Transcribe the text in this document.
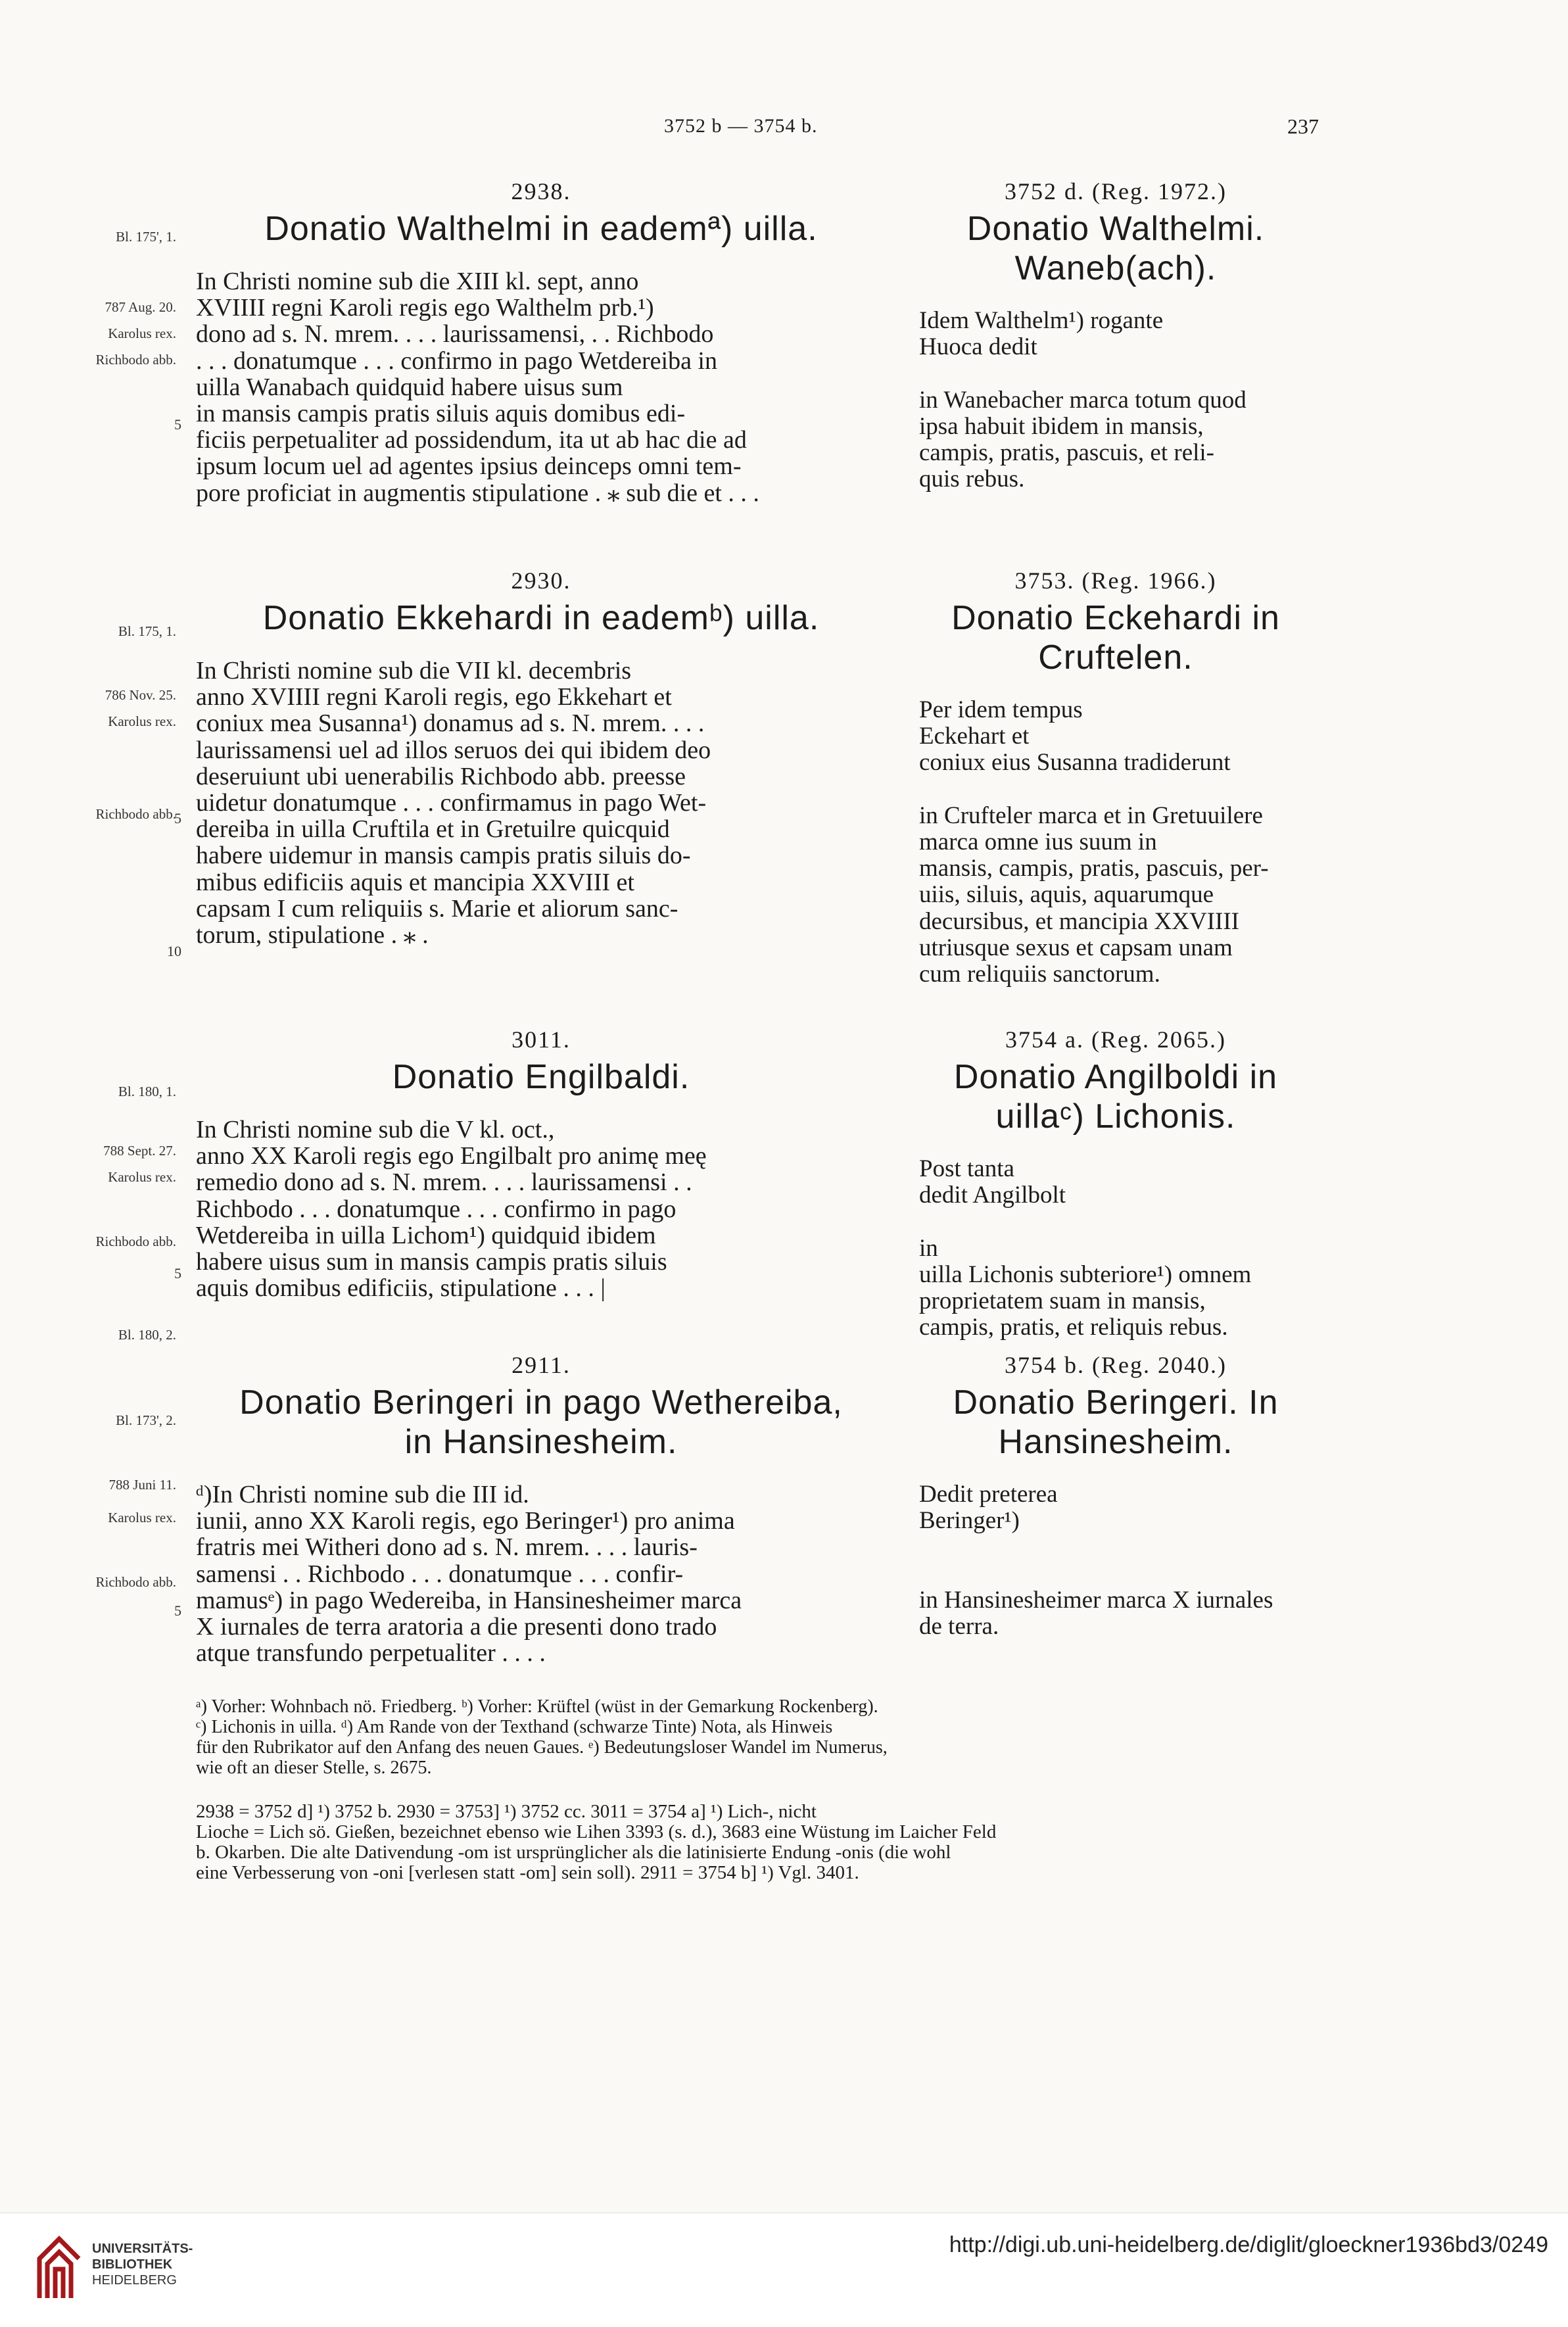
3752 b — 3754 b.	237
Bl. 175', 1.
787 Aug. 20.
Karolus rex.
Richbodo abb.
Bl. 175, 1.
786 Nov. 25.
Karolus rex.
Richbodo abb.
Bl. 180, 1.
788 Sept. 27.
Karolus rex.
Richbodo abb.
Bl. 180, 2.
Bl. 173', 2.
788 Juni 11.
Karolus rex.
Richbodo abb.
5
5
10
5
5
2938.
Donatio Walthelmi in eademª) uilla.
In Christi nomine sub die XIII kl. sept, anno
XVIIII regni Karoli regis ego Walthelm prb.¹)
dono ad s. N. mrem. . . . laurissamensi, . . Richbodo
. . . donatumque . . . confirmo in pago Wetdereiba in
uilla Wanabach quidquid habere uisus sum
in mansis campis pratis siluis aquis domibus edi-
ficiis perpetualiter ad possidendum, ita ut ab hac die ad
ipsum locum uel ad agentes ipsius deinceps omni tem-
pore proficiat in augmentis stipulatione . ⁎ sub die et . . .
2930.
Donatio Ekkehardi in eademᵇ) uilla.
In Christi nomine sub die VII kl. decembris
anno XVIIII regni Karoli regis, ego Ekkehart et
coniux mea Susanna¹) donamus ad s. N. mrem. . . .
laurissamensi uel ad illos seruos dei qui ibidem deo
deseruiunt ubi uenerabilis Richbodo abb. preesse
uidetur donatumque . . . confirmamus in pago Wet-
dereiba in uilla Cruftila et in Gretuilre quicquid
habere uidemur in mansis campis pratis siluis do-
mibus edificiis aquis et mancipia XXVIII et
capsam I cum reliquiis s. Marie et aliorum sanc-
torum, stipulatione . ⁎ .
3011.
Donatio Engilbaldi.
In Christi nomine sub die V kl. oct.,
anno XX Karoli regis ego Engilbalt pro animę meę
remedio dono ad s. N. mrem. . . . laurissamensi . .
Richbodo . . . donatumque . . . confirmo in pago
Wetdereiba in uilla Lichom¹) quidquid ibidem
habere uisus sum in mansis campis pratis siluis
aquis domibus edificiis, stipulatione . . . |
2911.
Donatio Beringeri in pago Wethereiba,
in Hansinesheim.
ᵈ)In Christi nomine sub die III id.
iunii, anno XX Karoli regis, ego Beringer¹) pro anima
fratris mei Witheri dono ad s. N. mrem. . . . lauris-
samensi . . Richbodo . . . donatumque . . . confir-
mamusᵉ) in pago Wedereiba, in Hansinesheimer marca
X iurnales de terra aratoria a die presenti dono trado
atque transfundo perpetualiter . . . .
3752 d. (Reg. 1972.)
Donatio Walthelmi.
Waneb(ach).
Idem Walthelm¹) rogante
Huoca dedit

in Wanebacher marca totum quod
ipsa habuit ibidem in mansis,
campis, pratis, pascuis, et reli-
quis rebus.
3753. (Reg. 1966.)
Donatio Eckehardi in
Cruftelen.
Per idem tempus
Eckehart et
coniux eius Susanna tradiderunt

in Crufteler marca et in Gretuuilere
marca omne ius suum in
mansis, campis, pratis, pascuis, per-
uiis, siluis, aquis, aquarumque
decursibus, et mancipia XXVIIII
utriusque sexus et capsam unam
cum reliquiis sanctorum.
3754 a. (Reg. 2065.)
Donatio Angilboldi in
uillaᶜ) Lichonis.
Post tanta
dedit Angilbolt

in
uilla Lichonis subteriore¹) omnem
proprietatem suam in mansis,
campis, pratis, et reliquis rebus.
3754 b. (Reg. 2040.)
Donatio Beringeri. In
Hansinesheim.
Dedit preterea
Beringer¹)

in Hansinesheimer marca X iurnales
de terra.
ᵃ) Vorher: Wohnbach nö. Friedberg. ᵇ) Vorher: Krüftel (wüst in der Gemarkung Rockenberg).
ᶜ) Lichonis in uilla. ᵈ) Am Rande von der Texthand (schwarze Tinte) Nota, als Hinweis
für den Rubrikator auf den Anfang des neuen Gaues. ᵉ) Bedeutungsloser Wandel im Numerus,
wie oft an dieser Stelle, s. 2675.
2938 = 3752 d] ¹) 3752 b. 2930 = 3753] ¹) 3752 cc. 3011 = 3754 a] ¹) Lich-, nicht
Lioche = Lich sö. Gießen, bezeichnet ebenso wie Lihen 3393 (s. d.), 3683 eine Wüstung im Laicher Feld
b. Okarben. Die alte Dativendung -om ist ursprünglicher als die latinisierte Endung -onis (die wohl
eine Verbesserung von -oni [verlesen statt -om] sein soll). 2911 = 3754 b] ¹) Vgl. 3401.
UNIVERSITÄTS-
BIBLIOTHEK
HEIDELBERG
http://digi.ub.uni-heidelberg.de/diglit/gloeckner1936bd3/0249
